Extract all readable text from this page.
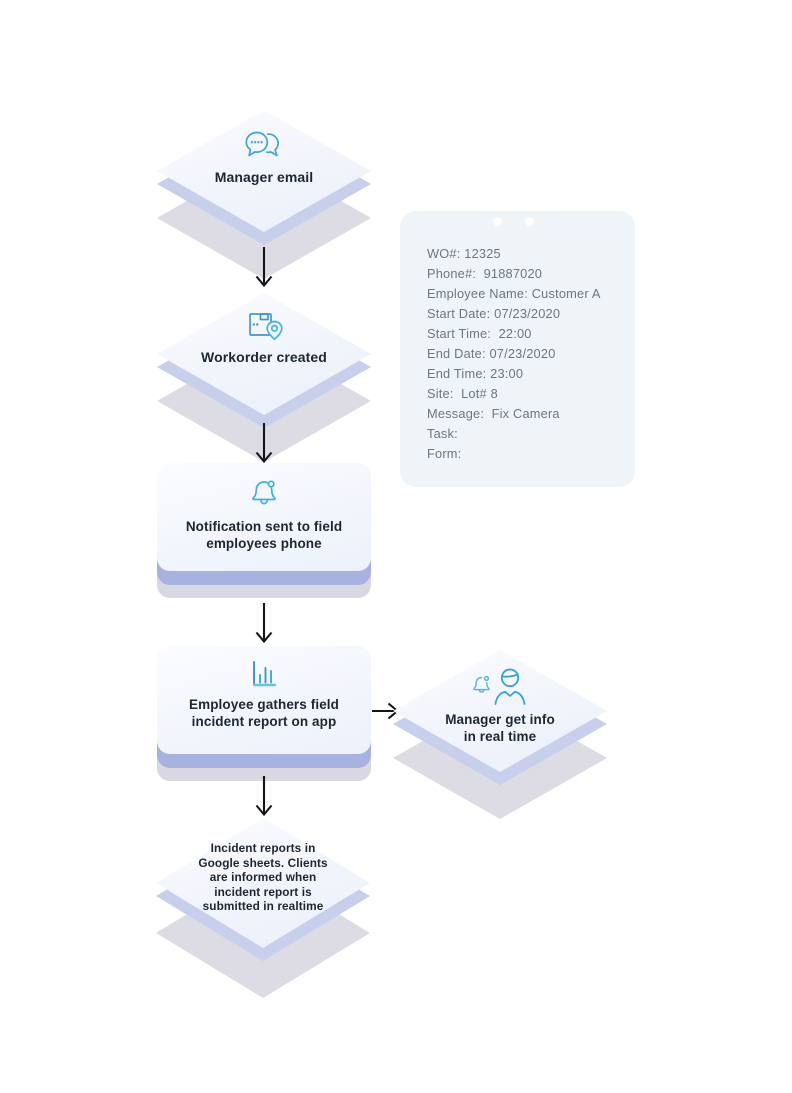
Manager email
Workorder created
Notification sent to field employees phone
Employee gathers field incident report on app	Manager get info in real time
Incident reports in Google sheets. Clients are informed when incident report is submitted in realtime
WO#: 12325
Phone#:  91887020
Employee Name: Customer A
Start Date: 07/23/2020
Start Time:  22:00
End Date: 07/23/2020
End Time: 23:00
Site:  Lot# 8
Message:  Fix Camera
Task:
Form:
